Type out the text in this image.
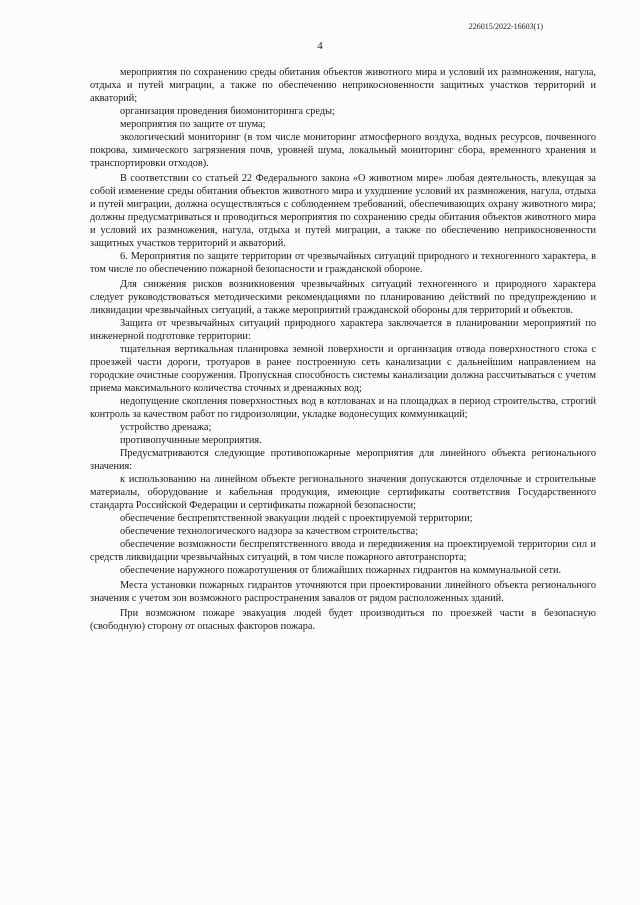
226015/2022-16603(1)
4

мероприятия по сохранению среды обитания объектов животного мира и условий их размножения, нагула, отдыха и путей миграции, а также по обеспечению неприкосновенности защитных участков территорий и акваторий;

организация проведения биомониторинга среды;

мероприятия по защите от шума;

экологический мониторинг (в том числе мониторинг атмосферного воздуха, водных ресурсов, почвенного покрова, химического загрязнения почв, уровней шума, локальный мониторинг сбора, временного хранения и транспортировки отходов).

В соответствии со статьей 22 Федерального закона «О животном мире» любая деятельность, влекущая за собой изменение среды обитания объектов животного мира и ухудшение условий их размножения, нагула, отдыха и путей миграции, должна осуществляться с соблюдением требований, обеспечивающих охрану животного мира; должны предусматриваться и проводиться мероприятия по сохранению среды обитания объектов животного мира и условий их размножения, нагула, отдыха и путей миграции, а также по обеспечению неприкосновенности защитных участков территорий и акваторий.

6. Мероприятия по защите территории от чрезвычайных ситуаций природного и техногенного характера, в том числе по обеспечению пожарной безопасности и гражданской обороне.

Для снижения рисков возникновения чрезвычайных ситуаций техногенного и природного характера следует руководствоваться методическими рекомендациями по планированию действий по предупреждению и ликвидации чрезвычайных ситуаций, а также мероприятий гражданской обороны для территорий и объектов.

Защита от чрезвычайных ситуаций природного характера заключается в планировании мероприятий по инженерной подготовке территории:

тщательная вертикальная планировка земной поверхности и организация отвода поверхностного стока с проезжей части дороги, тротуаров в ранее построенную сеть канализации с дальнейшим направлением на городские очистные сооружения. Пропускная способность системы канализации должна рассчитываться с учетом приема максимального количества сточных и дренажных вод;

недопущение скопления поверхностных вод в котлованах и на площадках в период строительства, строгий контроль за качеством работ по гидроизоляции, укладке водонесущих коммуникаций;

устройство дренажа;

противопучинные мероприятия.

Предусматриваются следующие противопожарные мероприятия для линейного объекта регионального значения:

к использованию на линейном объекте регионального значения допускаются отделочные и строительные материалы, оборудование и кабельная продукция, имеющие сертификаты соответствия Государственного стандарта Российской Федерации и сертификаты пожарной безопасности;

обеспечение беспрепятственной эвакуации людей с проектируемой территории;

обеспечение технологического надзора за качеством строительства;

обеспечение возможности беспрепятственного ввода и передвижения на проектируемой территории сил и средств ликвидации чрезвычайных ситуаций, в том числе пожарного автотранспорта;

обеспечение наружного пожаротушения от ближайших пожарных гидрантов на коммунальной сети.

Места установки пожарных гидрантов уточняются при проектировании линейного объекта регионального значения с учетом зон возможного распространения завалов от рядом расположенных зданий.

При возможном пожаре эвакуация людей будет производиться по проезжей части в безопасную (свободную) сторону от опасных факторов пожара.
